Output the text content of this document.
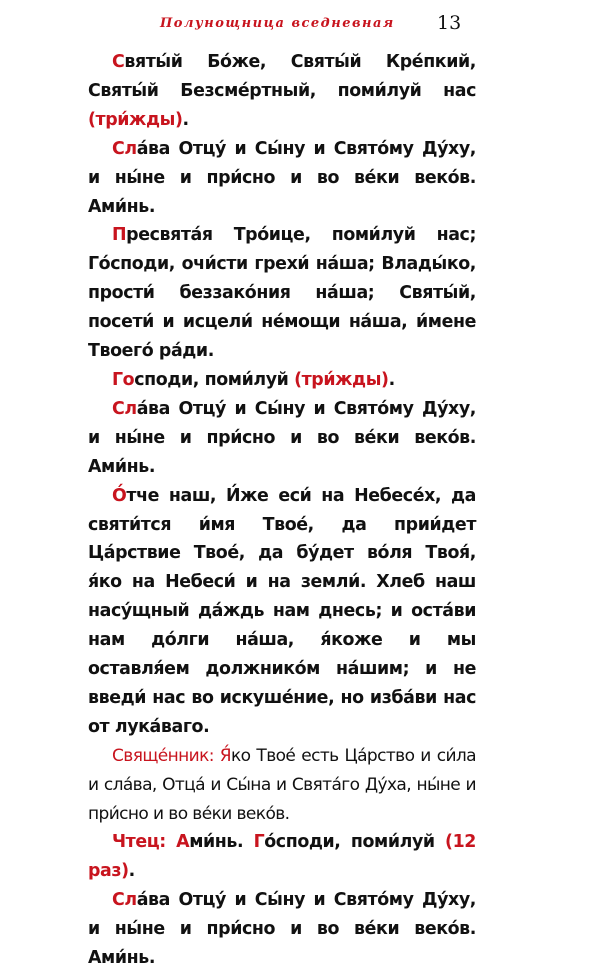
Полунощница вседневная 13

Святы́й Бо́же, Святы́й Кре́пкий, Святы́й Безсме́ртный, поми́луй нас (три́жды).

Сла́ва Отцу́ и Сы́ну и Свято́му Ду́ху, и ны́не и при́сно и во ве́ки веко́в. Ами́нь.

Пресвята́я Тро́ице, поми́луй нас; Го́споди, очи́сти грехи́ на́ша; Влады́ко, прости́ беззако́ния на́ша; Святы́й, посети́ и исцели́ не́мощи на́ша, и́мене Твоего́ ра́ди.

Господи, поми́луй (три́жды).

Сла́ва Отцу́ и Сы́ну и Свято́му Ду́ху, и ны́не и при́сно и во ве́ки веко́в. Ами́нь.

О́тче наш, И́же еси́ на Небесе́х, да святи́тся и́мя Твое́, да прии́дет Ца́рствие Твое́, да бу́дет во́ля Твоя́, я́ко на Небеси́ и на земли́. Хлеб наш насу́щный да́ждь нам днесь; и оста́ви нам до́лги на́ша, я́коже и мы оставля́ем должнико́м на́шим; и не введи́ нас во искуше́ние, но изба́ви нас от лука́ваго.

Свяще́нник: Я́ко Твое́ есть Ца́рство и си́ла и сла́ва, Отца́ и Сы́на и Свята́го Ду́ха, ны́не и при́сно и во ве́ки веко́в.

Чтец: Ами́нь. Го́споди, поми́луй (12 раз).

Сла́ва Отцу́ и Сы́ну и Свято́му Ду́ху, и ны́не и при́сно и во ве́ки веко́в. Ами́нь.
